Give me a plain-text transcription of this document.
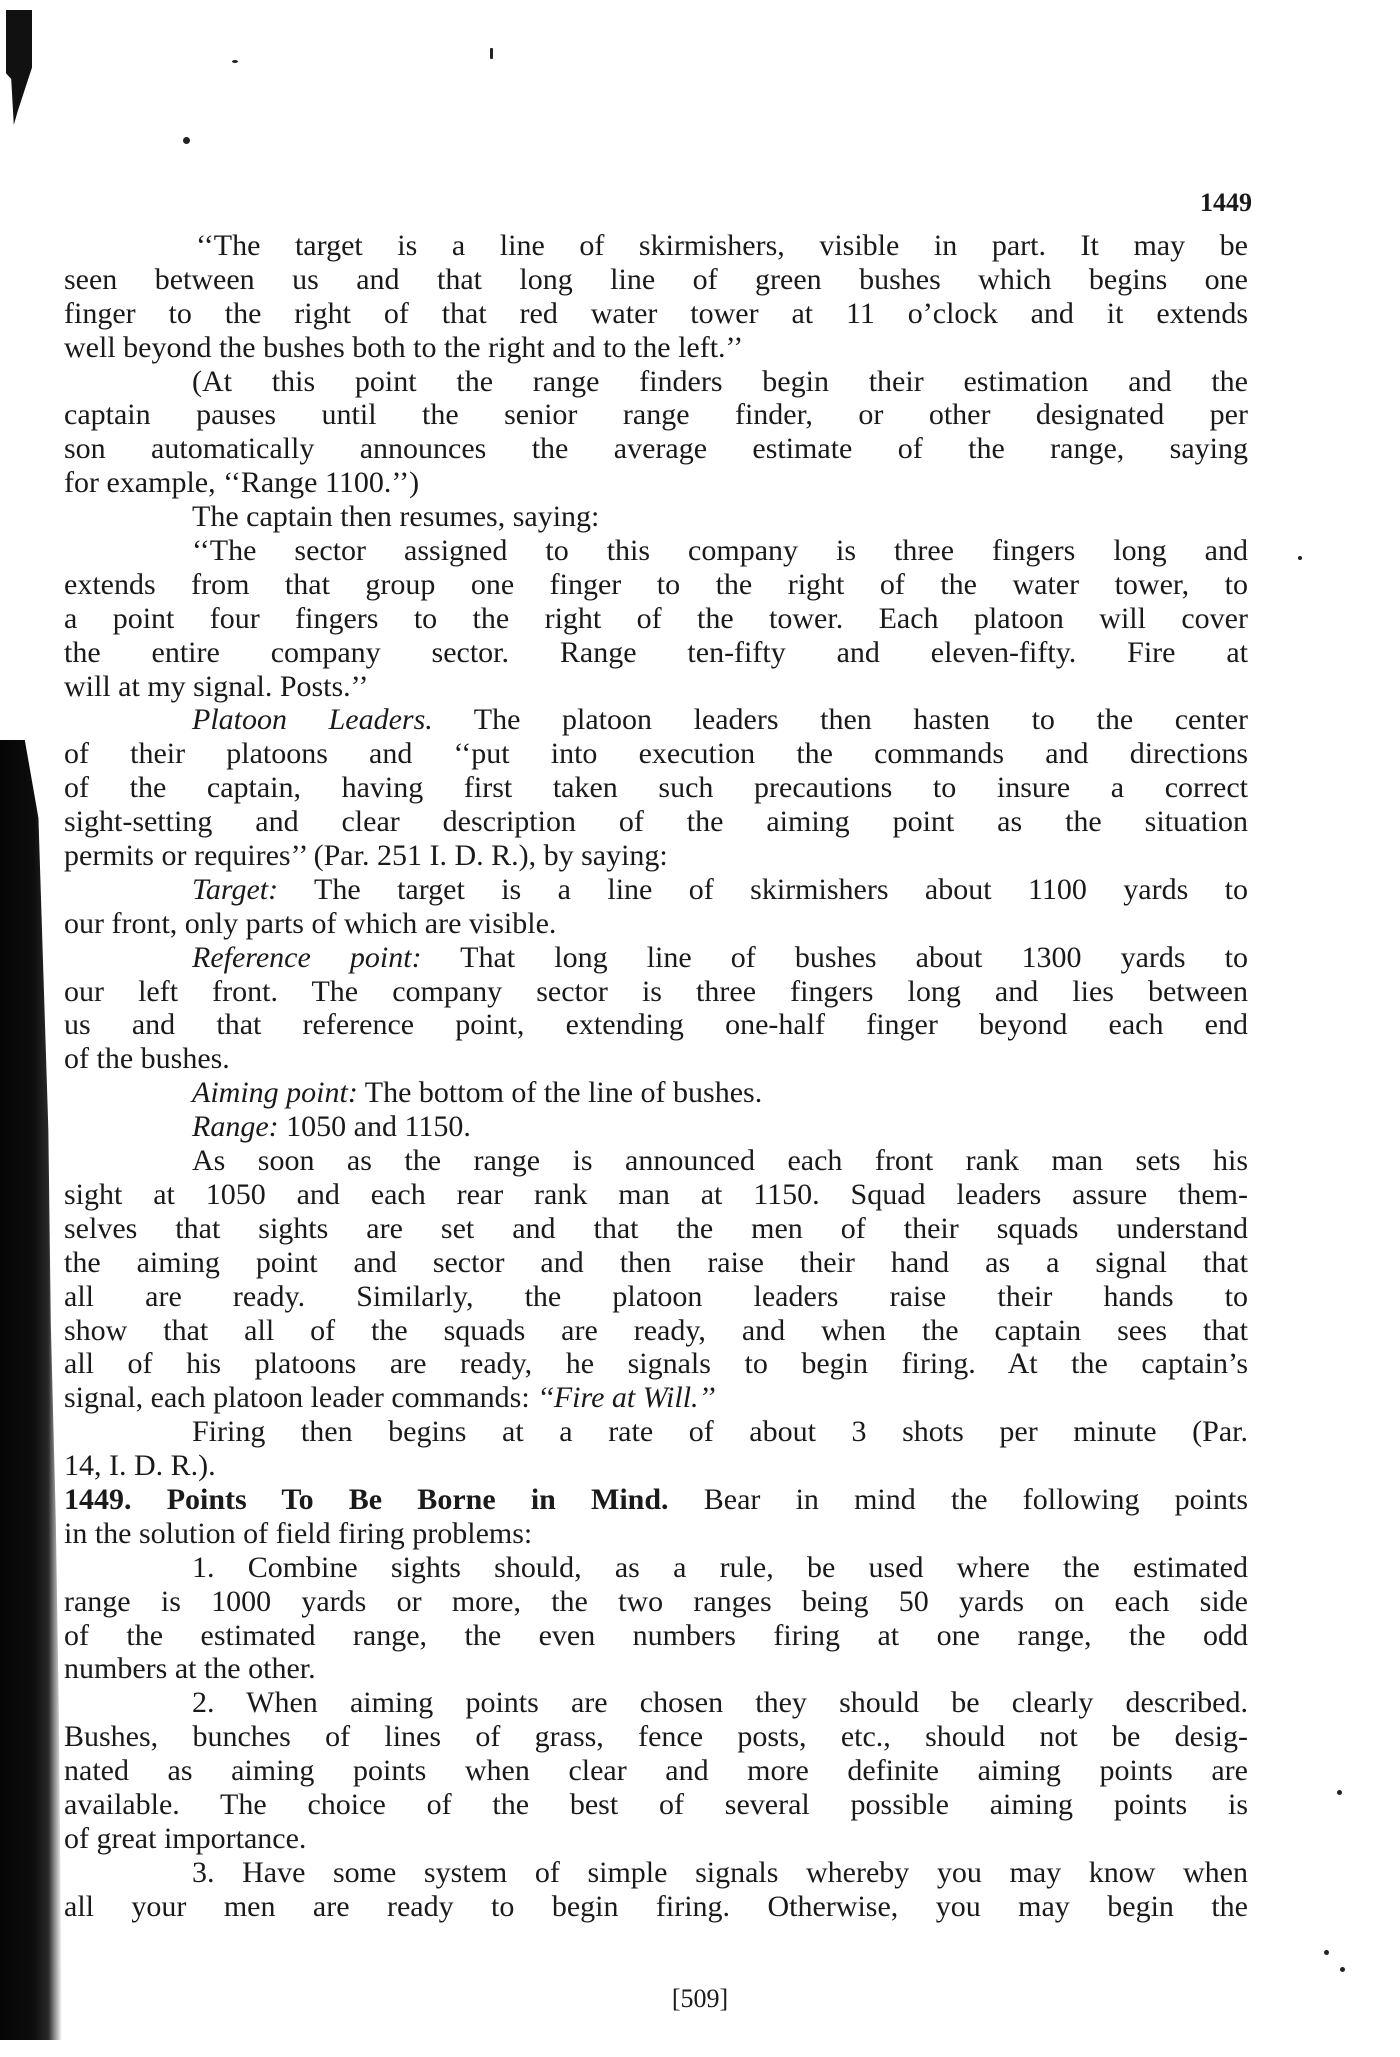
1449
‘‘The target is a line of skirmishers, visible in part. It may be
seen between us and that long line of green bushes which begins one
finger to the right of that red water tower at 11 o’clock and it extends
well beyond the bushes both to the right and to the left.’’
(At this point the range finders begin their estimation and the
captain pauses until the senior range finder, or other designated per
son automatically announces the average estimate of the range, saying
for example, ‘‘Range 1100.’’)
The captain then resumes, saying:
‘‘The sector assigned to this company is three fingers long and
extends from that group one finger to the right of the water tower, to
a point four fingers to the right of the tower. Each platoon will cover
the entire company sector. Range ten-fifty and eleven-fifty. Fire at
will at my signal. Posts.’’
Platoon Leaders. The platoon leaders then hasten to the center
of their platoons and ‘‘put into execution the commands and directions
of the captain, having first taken such precautions to insure a correct
sight-setting and clear description of the aiming point as the situation
permits or requires’’ (Par. 251 I. D. R.), by saying:
Target: The target is a line of skirmishers about 1100 yards to
our front, only parts of which are visible.
Reference point: That long line of bushes about 1300 yards to
our left front. The company sector is three fingers long and lies between
us and that reference point, extending one-half finger beyond each end
of the bushes.
Aiming point: The bottom of the line of bushes.
Range: 1050 and 1150.
As soon as the range is announced each front rank man sets his
sight at 1050 and each rear rank man at 1150. Squad leaders assure them-
selves that sights are set and that the men of their squads understand
the aiming point and sector and then raise their hand as a signal that
all are ready. Similarly, the platoon leaders raise their hands to
show that all of the squads are ready, and when the captain sees that
all of his platoons are ready, he signals to begin firing. At the captain’s
signal, each platoon leader commands: ‘‘Fire at Will.’’
Firing then begins at a rate of about 3 shots per minute (Par.
14, I. D. R.).
1449. Points To Be Borne in Mind. Bear in mind the following points
in the solution of field firing problems:
1. Combine sights should, as a rule, be used where the estimated
range is 1000 yards or more, the two ranges being 50 yards on each side
of the estimated range, the even numbers firing at one range, the odd
numbers at the other.
2. When aiming points are chosen they should be clearly described.
Bushes, bunches of lines of grass, fence posts, etc., should not be desig-
nated as aiming points when clear and more definite aiming points are
available. The choice of the best of several possible aiming points is
of great importance.
3. Have some system of simple signals whereby you may know when
all your men are ready to begin firing. Otherwise, you may begin the
[509]
